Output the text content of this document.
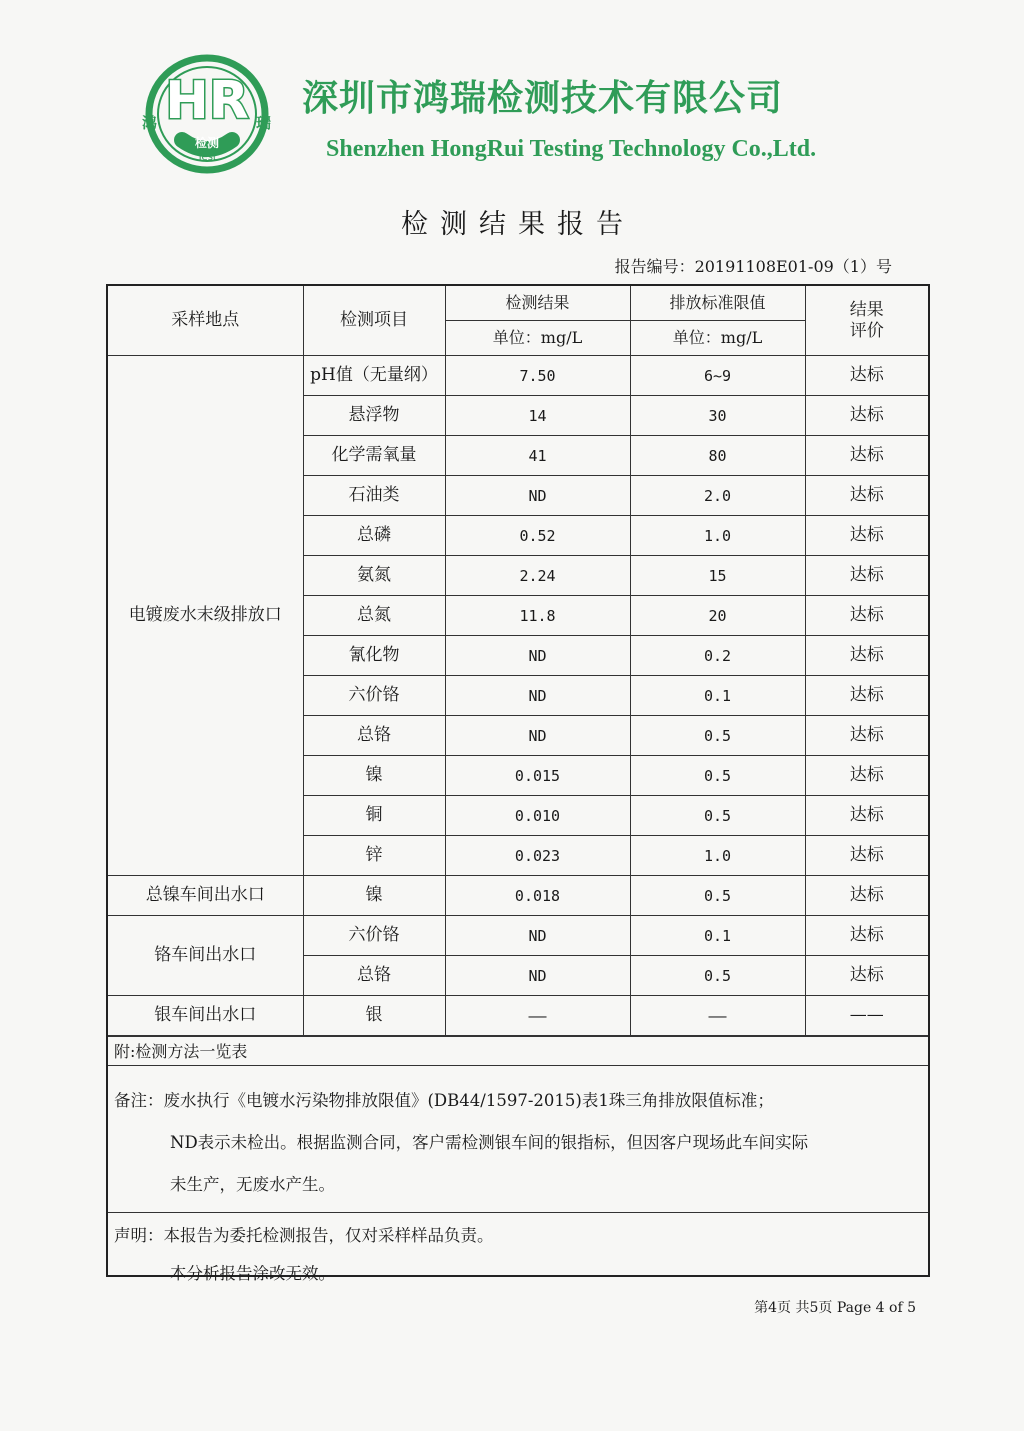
HR
检测
Test
鸿	瑞
深圳市鸿瑞检测技术有限公司
Shenzhen HongRui Testing Technology Co.,Ltd.
检测结果报告
报告编号：20191108E01-09（1）号
采样地点	检测项目	检测结果	排放标准限值	结果评价
		单位：mg/L	单位：mg/L	
电镀废水末级排放口	pH值（无量纲）	7.50	6~9	达标
	悬浮物	14	30	达标
	化学需氧量	41	80	达标
	石油类	ND	2.0	达标
	总磷	0.52	1.0	达标
	氨氮	2.24	15	达标
	总氮	11.8	20	达标
	氰化物	ND	0.2	达标
	六价铬	ND	0.1	达标
	总铬	ND	0.5	达标
	镍	0.015	0.5	达标
	铜	0.010	0.5	达标
	锌	0.023	1.0	达标
总镍车间出水口	镍	0.018	0.5	达标
铬车间出水口	六价铬	ND	0.1	达标
	总铬	ND	0.5	达标
银车间出水口	银	——	——	——
附:检测方法一览表
备注：废水执行《电镀水污染物排放限值》(DB44/1597-2015)表1珠三角排放限值标准；
ND表示未检出。根据监测合同，客户需检测银车间的银指标，但因客户现场此车间实际
未生产，无废水产生。
声明：本报告为委托检测报告，仅对采样样品负责。
本分析报告涂改无效。
第4页 共5页 Page 4 of 5
